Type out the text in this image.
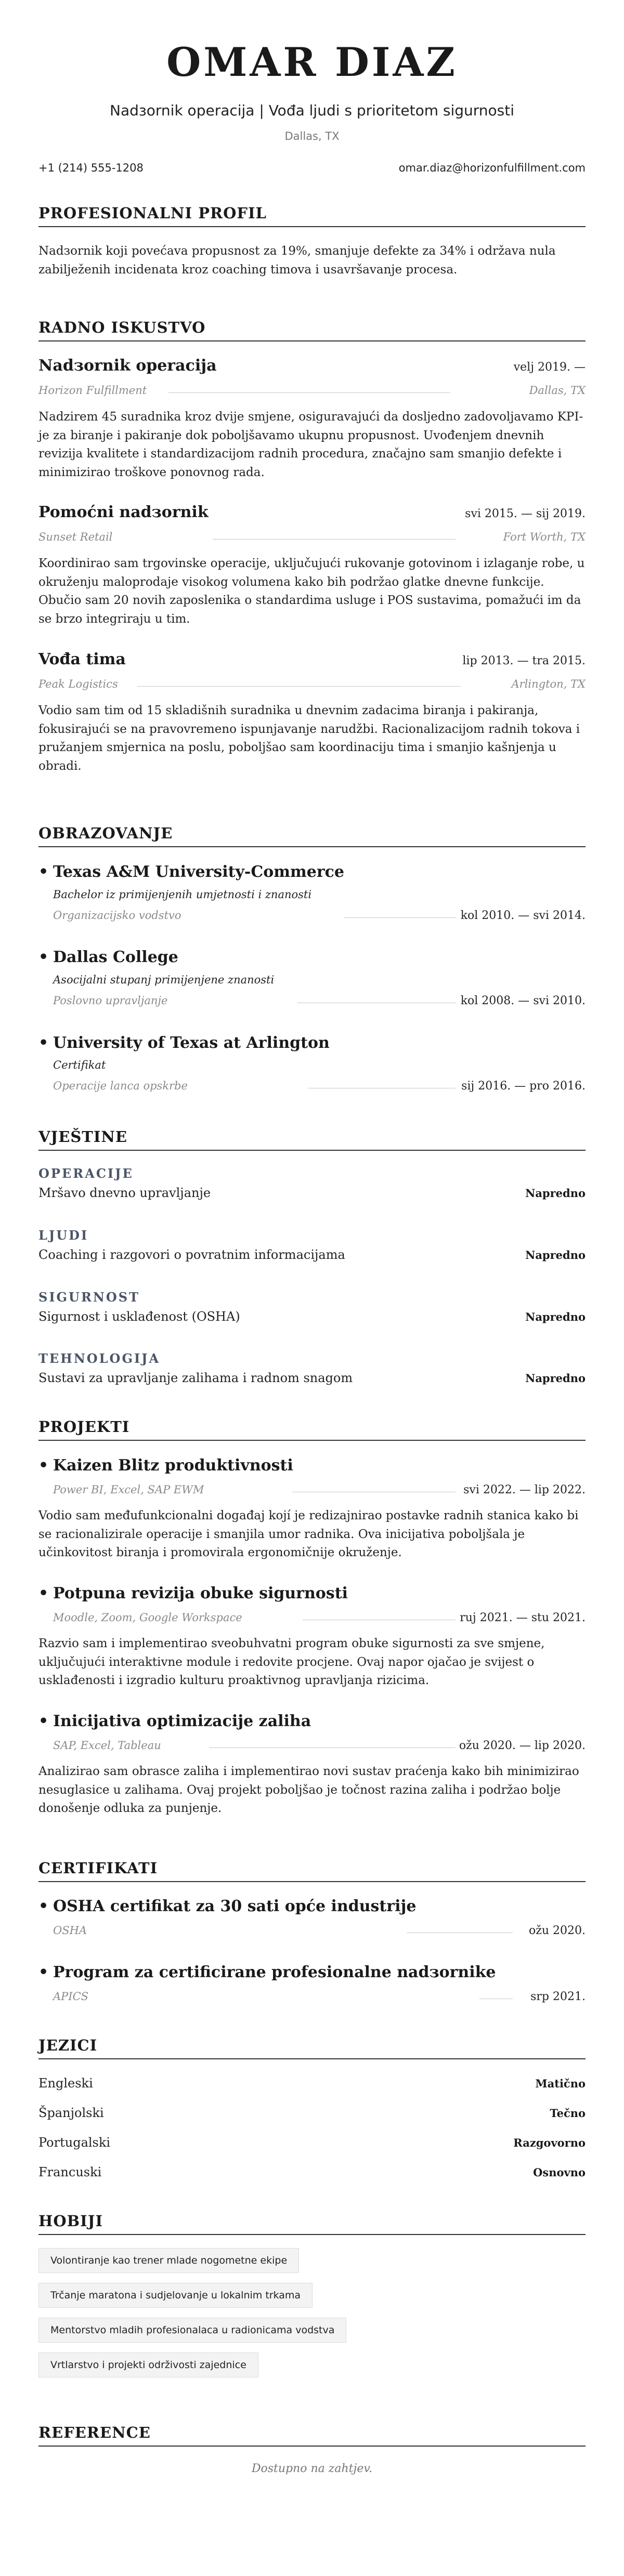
OMAR DIAZ
Nadзornik operacija | Vođa ljudi s prioritetom sigurnosti
Dallas, TX
+1 (214) 555-1208	omar.diaz@horizonfulfillment.com
PROFESIONALNI PROFIL
Nadзornik koji povećava propusnost za 19%, smanjuje defekte za 34% i održava nula zabilježenih incidenata kroz coaching timova i usavršavanje procesa.
RADNO ISKUSTVO
Nadзornik operacija	velj 2019. —
Horizon Fulfillment	Dallas, TX
Nadzirem 45 suradnika kroz dvije smjene, osiguravajući da dosljedno zadovoljavamo KPI-je za biranje i pakiranje dok poboljšavamo ukupnu propusnost. Uvođenjem dnevnih revizija kvalitete i standardizacijom radnih procedura, značajno sam smanjio defekte i minimizirao troškove ponovnog rada.
Pomoćni nadзornik	svi 2015. — sij 2019.
Sunset Retail	Fort Worth, TX
Koordinirao sam trgovinske operacije, uključujući rukovanje gotovinom i izlaganje robe, u okruženju maloprodaje visokog volumena kako bih podržao glatke dnevne funkcije. Obučio sam 20 novih zaposlenika o standardima usluge i POS sustavima, pomažući im da se brzo integriraju u tim.
Vođa tima	lip 2013. — tra 2015.
Peak Logistics	Arlington, TX
Vodio sam tim od 15 skladišnih suradnika u dnevnim zadacima biranja i pakiranja, fokusirajući se na pravovremeno ispunjavanje narudžbi. Racionalizacijom radnih tokova i pružanjem smjernica na poslu, poboljšao sam koordinaciju tima i smanjio kašnjenja u obradi.
OBRAZOVANJE
• Texas A&M University-Commerce
Bachelor iz primijenjenih umjetnosti i znanosti
Organizacijsko vodstvo	kol 2010. — svi 2014.
• Dallas College
Asocijalni stupanj primijenjene znanosti
Poslovno upravljanje	kol 2008. — svi 2010.
• University of Texas at Arlington
Certifikat
Operacije lanca opskrbe	sij 2016. — pro 2016.
VJEŠTINE
OPERACIJE
Mršavo dnevno upravljanje	Napredno
LJUDI
Coaching i razgovori o povratnim informacijama	Napredno
SIGURNOST
Sigurnost i usklađenost (OSHA)	Napredno
TEHNOLOGIJA
Sustavi za upravljanje zalihama i radnom snagom	Napredno
PROJEKTI
• Kaizen Blitz produktivnosti
Power BI, Excel, SAP EWM	svi 2022. — lip 2022.
Vodio sam međufunkcionalni događaj kojí je redizajnirao postavke radnih stanica kako bi se racionalizirale operacije i smanjila umor radnika. Ova inicijativa poboljšala je učinkovitost biranja i promovirala ergonomičnije okruženje.
• Potpuna revizija obuke sigurnosti
Moodle, Zoom, Google Workspace	ruj 2021. — stu 2021.
Razvio sam i implementirao sveobuhvatni program obuke sigurnosti za sve smjene, uključujući interaktivne module i redovite procjene. Ovaj napor ojačao je svijest o usklađenosti i izgradio kulturu proaktivnog upravljanja rizicima.
• Inicijativa optimizacije zaliha
SAP, Excel, Tableau	ožu 2020. — lip 2020.
Analizirao sam obrasce zaliha i implementirao novi sustav praćenja kako bih minimizirao nesuglasice u zalihama. Ovaj projekt poboljšao je točnost razina zaliha i podržao bolje donošenje odluka za punjenje.
CERTIFIKATI
• OSHA certifikat za 30 sati opće industrije
OSHA	ožu 2020.
• Program za certificirane profesionalne nadзornike
APICS	srp 2021.
JEZICI
Engleski	Matično
Španjolski	Tečno
Portugalski	Razgovorno
Francuski	Osnovno
HOBIJI
Volontiranje kao trener mlade nogometne ekipe
Trčanje maratona i sudjelovanje u lokalnim trkama
Mentorstvo mladih profesionalaca u radionicama vodstva
Vrtlarstvo i projekti održivosti zajednice
REFERENCE
Dostupno na zahtjev.
